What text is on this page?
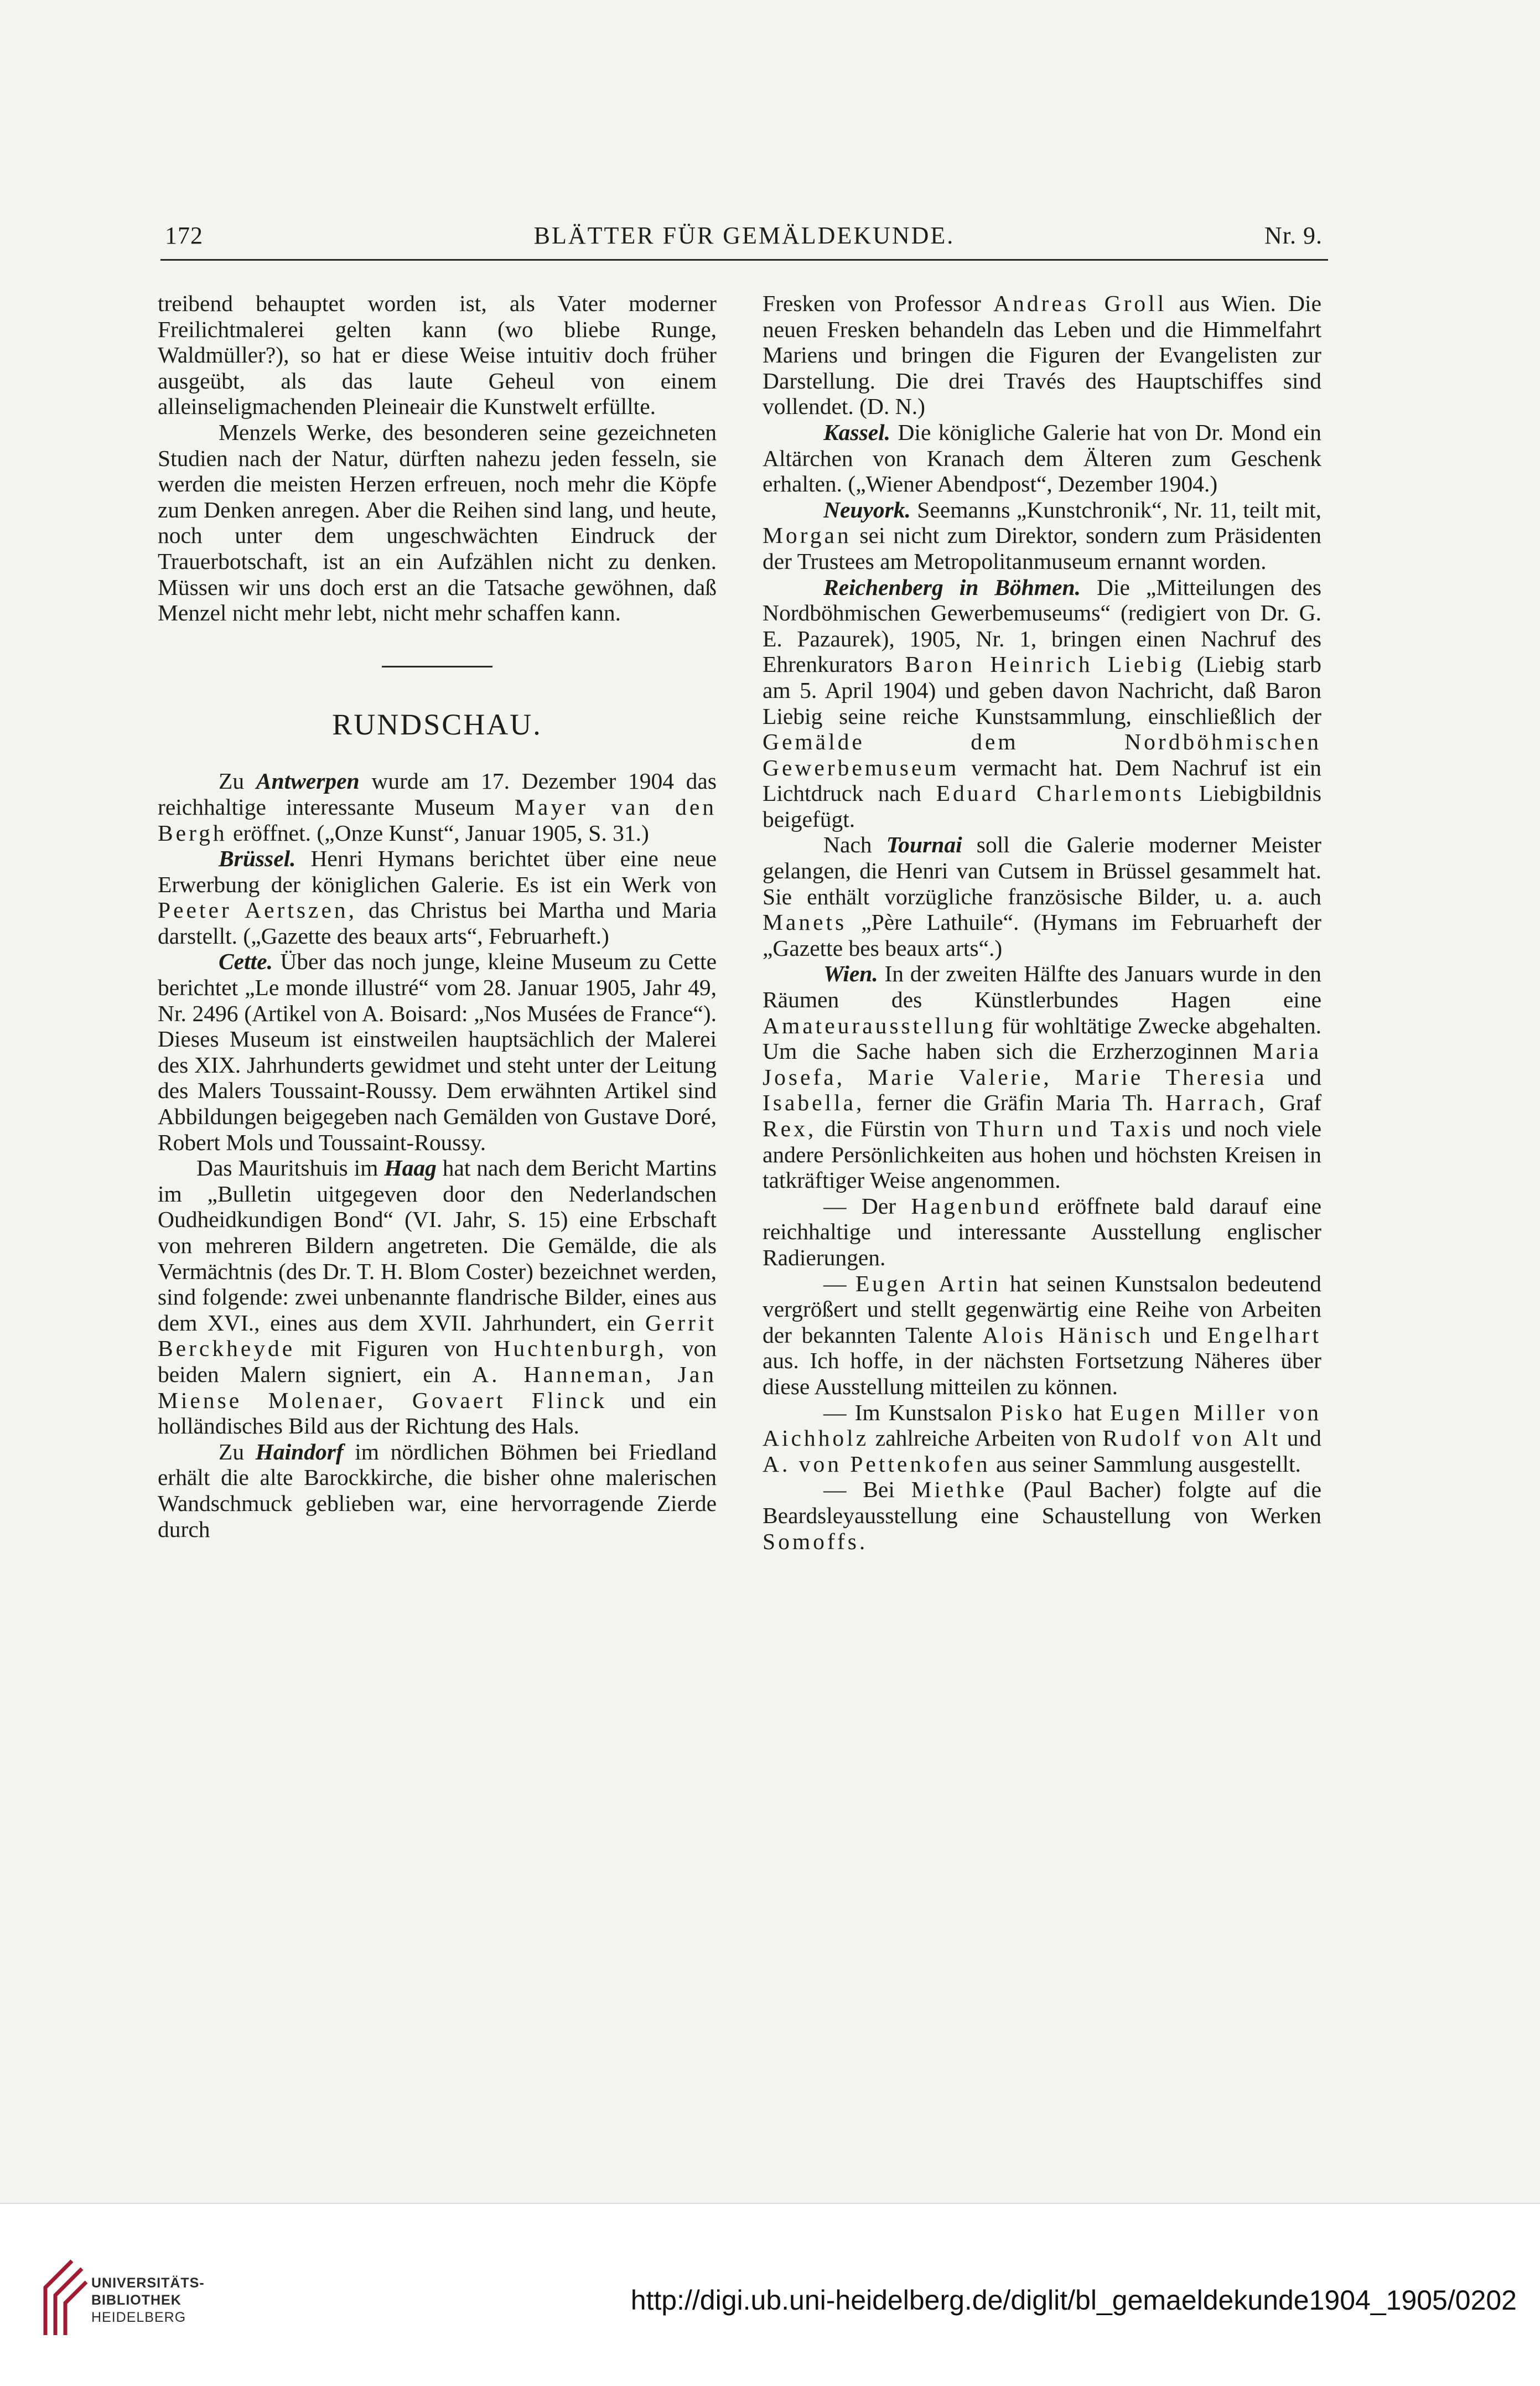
172	BLÄTTER FÜR GEMÄLDEKUNDE.	Nr. 9.

treibend behauptet worden ist, als Vater moderner Freilichtmalerei gelten kann (wo bliebe Runge, Waldmüller?), so hat er diese Weise intuitiv doch früher ausgeübt, als das laute Geheul von einem alleinseligmachenden Pleineair die Kunstwelt erfüllte.

Menzels Werke, des besonderen seine gezeichneten Studien nach der Natur, dürften nahezu jeden fesseln, sie werden die meisten Herzen erfreuen, noch mehr die Köpfe zum Denken anregen. Aber die Reihen sind lang, und heute, noch unter dem ungeschwächten Eindruck der Trauerbotschaft, ist an ein Aufzählen nicht zu denken. Müssen wir uns doch erst an die Tatsache gewöhnen, daß Menzel nicht mehr lebt, nicht mehr schaffen kann.

RUNDSCHAU.

Zu Antwerpen wurde am 17. Dezember 1904 das reichhaltige interessante Museum Mayer van den Bergh eröffnet. („Onze Kunst“, Januar 1905, S. 31.)

Brüssel. Henri Hymans berichtet über eine neue Erwerbung der königlichen Galerie. Es ist ein Werk von Peeter Aertszen, das Christus bei Martha und Maria darstellt. („Gazette des beaux arts“, Februarheft.)

Cette. Über das noch junge, kleine Museum zu Cette berichtet „Le monde illustré“ vom 28. Januar 1905, Jahr 49, Nr. 2496 (Artikel von A. Boisard: „Nos Musées de France“). Dieses Museum ist einstweilen hauptsächlich der Malerei des XIX. Jahrhunderts gewidmet und steht unter der Leitung des Malers Toussaint-Roussy. Dem erwähnten Artikel sind Abbildungen beigegeben nach Gemälden von Gustave Doré, Robert Mols und Toussaint-Roussy.

Das Mauritshuis im Haag hat nach dem Bericht Martins im „Bulletin uitgegeven door den Nederlandschen Oudheidkundigen Bond“ (VI. Jahr, S. 15) eine Erbschaft von mehreren Bildern angetreten. Die Gemälde, die als Vermächtnis (des Dr. T. H. Blom Coster) bezeichnet werden, sind folgende: zwei unbenannte flandrische Bilder, eines aus dem XVI., eines aus dem XVII. Jahrhundert, ein Gerrit Berckheyde mit Figuren von Huchtenburgh, von beiden Malern signiert, ein A. Hanneman, Jan Miense Molenaer, Govaert Flinck und ein holländisches Bild aus der Richtung des Hals.

Zu Haindorf im nördlichen Böhmen bei Friedland erhält die alte Barockkirche, die bisher ohne malerischen Wandschmuck geblieben war, eine hervorragende Zierde durch

Fresken von Professor Andreas Groll aus Wien. Die neuen Fresken behandeln das Leben und die Himmelfahrt Mariens und bringen die Figuren der Evangelisten zur Darstellung. Die drei Través des Hauptschiffes sind vollendet. (D. N.)

Kassel. Die königliche Galerie hat von Dr. Mond ein Altärchen von Kranach dem Älteren zum Geschenk erhalten. („Wiener Abendpost“, Dezember 1904.)

Neuyork. Seemanns „Kunstchronik“, Nr. 11, teilt mit, Morgan sei nicht zum Direktor, sondern zum Präsidenten der Trustees am Metropolitanmuseum ernannt worden.

Reichenberg in Böhmen. Die „Mitteilungen des Nordböhmischen Gewerbemuseums“ (redigiert von Dr. G. E. Pazaurek), 1905, Nr. 1, bringen einen Nachruf des Ehrenkurators Baron Heinrich Liebig (Liebig starb am 5. April 1904) und geben davon Nachricht, daß Baron Liebig seine reiche Kunstsammlung, einschließlich der Gemälde dem Nordböhmischen Gewerbemuseum vermacht hat. Dem Nachruf ist ein Lichtdruck nach Eduard Charlemonts Liebigbildnis beigefügt.

Nach Tournai soll die Galerie moderner Meister gelangen, die Henri van Cutsem in Brüssel gesammelt hat. Sie enthält vorzügliche französische Bilder, u. a. auch Manets „Père Lathuile“. (Hymans im Februarheft der „Gazette bes beaux arts“.)

Wien. In der zweiten Hälfte des Januars wurde in den Räumen des Künstlerbundes Hagen eine Amateurausstellung für wohltätige Zwecke abgehalten. Um die Sache haben sich die Erzherzoginnen Maria Josefa, Marie Valerie, Marie Theresia und Isabella, ferner die Gräfin Maria Th. Harrach, Graf Rex, die Fürstin von Thurn und Taxis und noch viele andere Persönlichkeiten aus hohen und höchsten Kreisen in tatkräftiger Weise angenommen.

— Der Hagenbund eröffnete bald darauf eine reichhaltige und interessante Ausstellung englischer Radierungen.

— Eugen Artin hat seinen Kunstsalon bedeutend vergrößert und stellt gegenwärtig eine Reihe von Arbeiten der bekannten Talente Alois Hänisch und Engelhart aus. Ich hoffe, in der nächsten Fortsetzung Näheres über diese Ausstellung mitteilen zu können.

— Im Kunstsalon Pisko hat Eugen Miller von Aichholz zahlreiche Arbeiten von Rudolf von Alt und A. von Pettenkofen aus seiner Sammlung ausgestellt.

— Bei Miethke (Paul Bacher) folgte auf die Beardsleyausstellung eine Schaustellung von Werken Somoffs.

UNIVERSITÄTS-
BIBLIOTHEK
HEIDELBERG
http://digi.ub.uni-heidelberg.de/diglit/bl_gemaeldekunde1904_1905/0202
